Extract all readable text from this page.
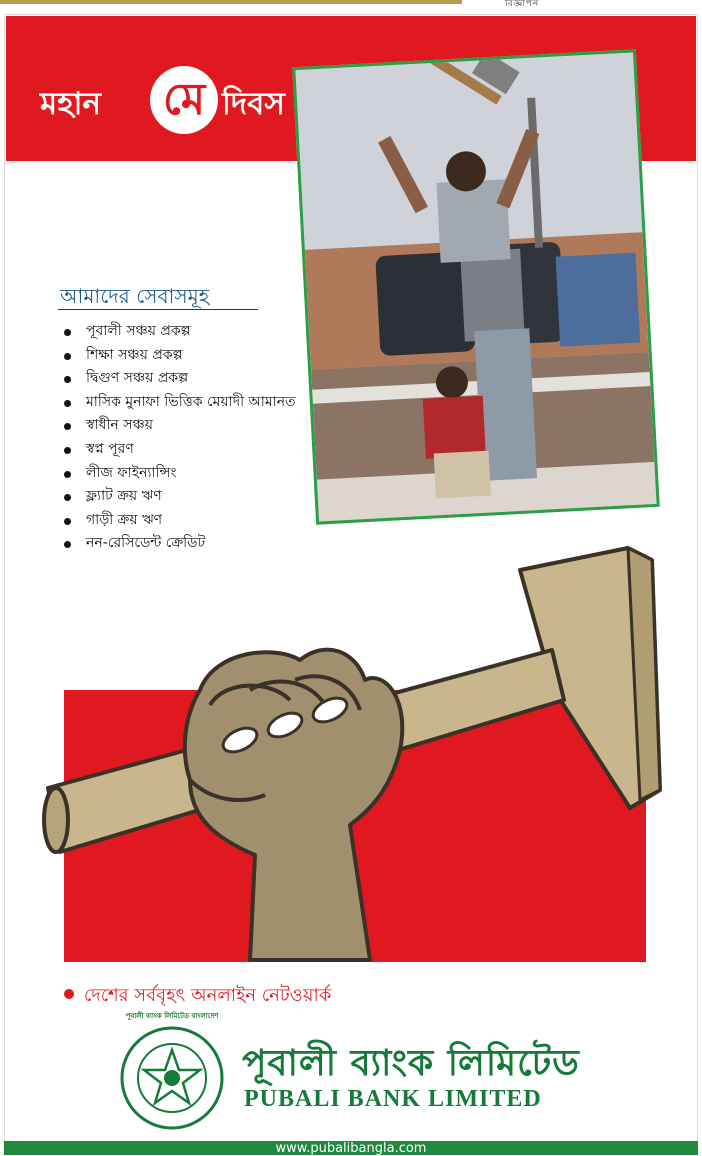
বিজ্ঞাপন
মহান	মে দিবস
আমাদের সেবাসমূহ
পূবালী সঞ্চয় প্রকল্প
শিক্ষা সঞ্চয় প্রকল্প
দ্বিগুণ সঞ্চয় প্রকল্প
মাসিক মুনাফা ভিত্তিক মেয়াদী আমানত
স্বাধীন সঞ্চয়
স্বপ্ন পূরণ
লীজ ফাইন্যান্সিং
ফ্ল্যাট ক্রয় ঋণ
গাড়ী ক্রয় ঋণ
নন-রেসিডেন্ট ক্রেডিট
দেশের সর্ববৃহৎ অনলাইন নেটওয়ার্ক
পূবালী ব্যাংক লিমিটেড বাংলাদেশ
পূবালী ব্যাংক লিমিটেড
PUBALI BANK LIMITED
www.pubalibangla.com
